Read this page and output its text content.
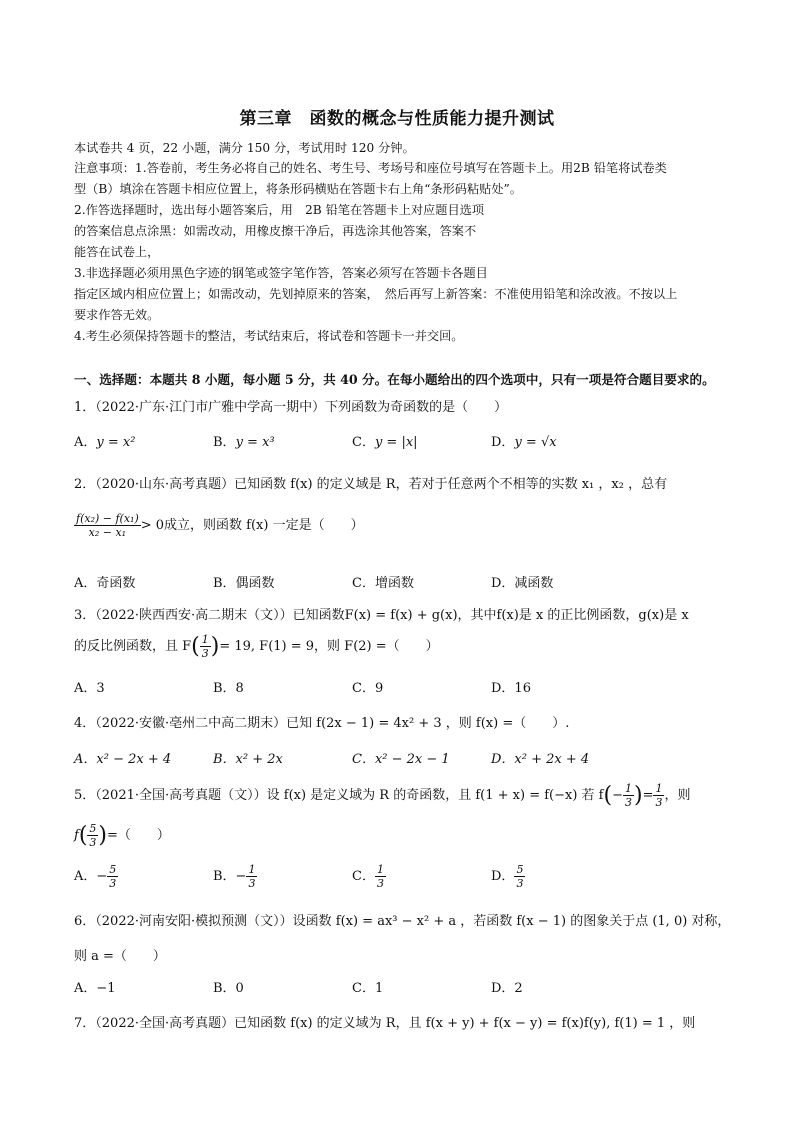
第三章　函数的概念与性质能力提升测试
本试卷共 4 页，22 小题，满分 150 分，考试用时 120 分钟。
注意事项：1.答卷前，考生务必将自己的姓名、考生号、考场号和座位号填写在答题卡上。用2B 铅笔将试卷类
型（B）填涂在答题卡相应位置上，将条形码横贴在答题卡右上角“条形码粘贴处”。
2.作答选择题时，选出每小题答案后，用　2B 铅笔在答题卡上对应题目选项
的答案信息点涂黑：如需改动，用橡皮擦干净后，再选涂其他答案，答案不
能答在试卷上，
3.非选择题必须用黑色字迹的钢笔或签字笔作答，答案必须写在答题卡各题目
指定区域内相应位置上；如需改动，先划掉原来的答案，　然后再写上新答案：不准使用铅笔和涂改液。不按以上
要求作答无效。
4.考生必须保持答题卡的整洁，考试结束后，将试卷和答题卡一并交回。
一、选择题：本题共 8 小题，每小题 5 分，共 40 分。在每小题给出的四个选项中，只有一项是符合题目要求的。
1．（2022·广东·江门市广雅中学高一期中）下列函数为奇函数的是（　　）
A．y = x²	B．y = x³	C．y = |x|	D．y = √x
2．（2020·山东·高考真题）已知函数 f(x) 的定义域是 R，若对于任意两个不相等的实数 x₁ ，x₂ ，总有
$\frac{\text{f(x₂) − f(x₁)}}{\text{x₂ − x₁}} > 0$成立，则函数 f(x) 一定是（　　）
A．奇函数	B．偶函数	C．增函数	D．减函数
3．（2022·陕西西安·高二期末（文））已知函数F(x) = f(x) + g(x)，其中f(x)是 x 的正比例函数，g(x)是 x
的反比例函数，且 $F( \frac{1}{3}$ )= 19, F(1) = 9，则 F(2) =（　　）
A．3	B．8	C．9	D．16
4．（2022·安徽·亳州二中高二期末）已知 f(2x − 1) = 4x² + 3 ，则 f(x) =（　　）.
A．x² − 2x + 4	B．x² + 2x	C．x² − 2x − 1	D．x² + 2x + 4
5．（2021·全国·高考真题（文））设 f(x) 是定义域为 R 的奇函数，且 f(1 + x) = f(−x) 若 $f(- \frac{1}{3}$ )= $\frac{1}{3}$ ，则
$f( \frac{5}{3}$ )=（　　）
A．− $\frac{5}{3}$	B．− $\frac{1}{3}$	C． $\frac{1}{3}$	D． $\frac{5}{3}$
6．（2022·河南安阳·模拟预测（文））设函数 f(x) = ax³ − x² + a ，若函数 f(x − 1) 的图象关于点 (1, 0) 对称，
则 a =（　　）
A．−1	B．0	C．1	D．2
7．（2022·全国·高考真题）已知函数 f(x) 的定义域为 R，且 f(x + y) + f(x − y) = f(x)f(y), f(1) = 1 ，则
